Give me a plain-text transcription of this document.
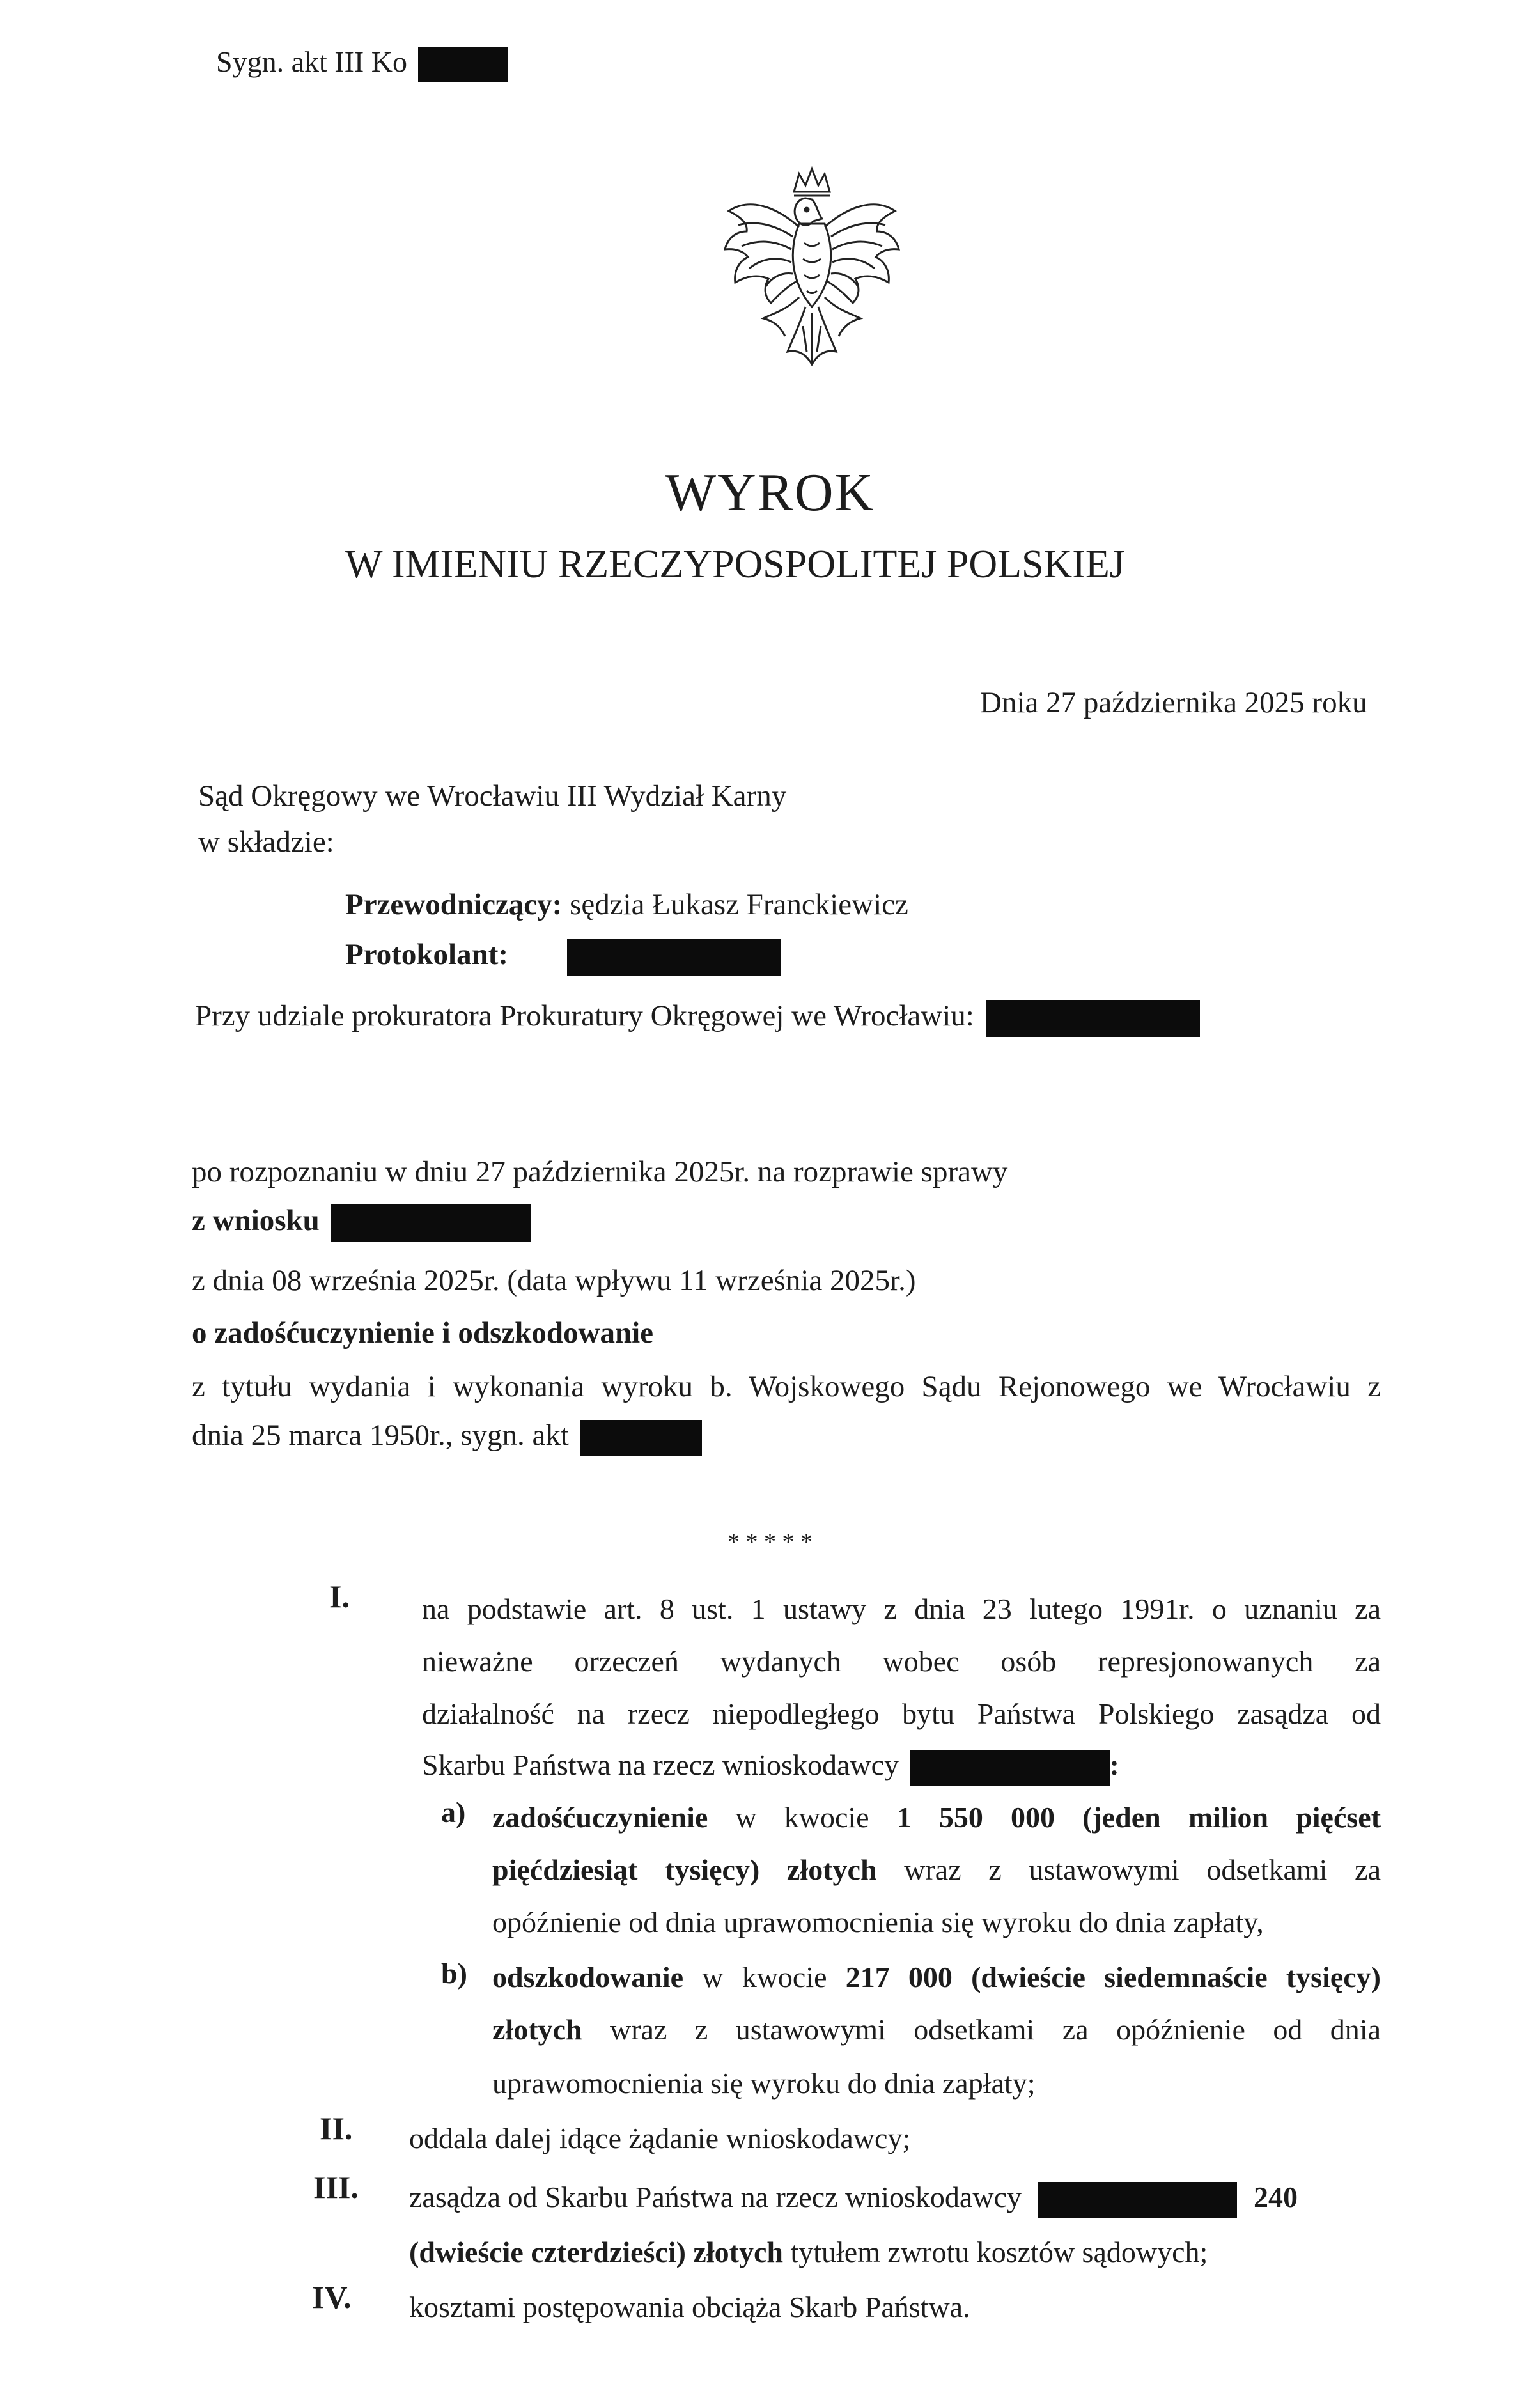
Sygn. akt III Ko
WYROK
W IMIENIU RZECZYPOSPOLITEJ POLSKIEJ
Dnia 27 października 2025 roku
Sąd Okręgowy we Wrocławiu III Wydział Karny
w składzie:
Przewodniczący: sędzia Łukasz Franckiewicz
Protokolant:
Przy udziale prokuratora Prokuratury Okręgowej we Wrocławiu:
po rozpoznaniu w dniu 27 października 2025r. na rozprawie sprawy
z wniosku
z dnia 08 września 2025r. (data wpływu 11 września 2025r.)
o zadośćuczynienie i odszkodowanie
z tytułu wydania i wykonania wyroku b. Wojskowego Sądu Rejonowego we Wrocławiu z
dnia 25 marca 1950r., sygn. akt
* * * * *
I. na podstawie art. 8 ust. 1 ustawy z dnia 23 lutego 1991r. o uznaniu za
nieważne orzeczeń wydanych wobec osób represjonowanych za
działalność na rzecz niepodległego bytu Państwa Polskiego zasądza od
Skarbu Państwa na rzecz wnioskodawcy	:
a) zadośćuczynienie w kwocie 1 550 000 (jeden milion pięćset
pięćdziesiąt tysięcy) złotych wraz z ustawowymi odsetkami za
opóźnienie od dnia uprawomocnienia się wyroku do dnia zapłaty,
b) odszkodowanie w kwocie 217 000 (dwieście siedemnaście tysięcy)
złotych wraz z ustawowymi odsetkami za opóźnienie od dnia
uprawomocnienia się wyroku do dnia zapłaty;
II. oddala dalej idące żądanie wnioskodawcy;
III. zasądza od Skarbu Państwa na rzecz wnioskodawcy	240
(dwieście czterdzieści) złotych tytułem zwrotu kosztów sądowych;
IV. kosztami postępowania obciąża Skarb Państwa.
